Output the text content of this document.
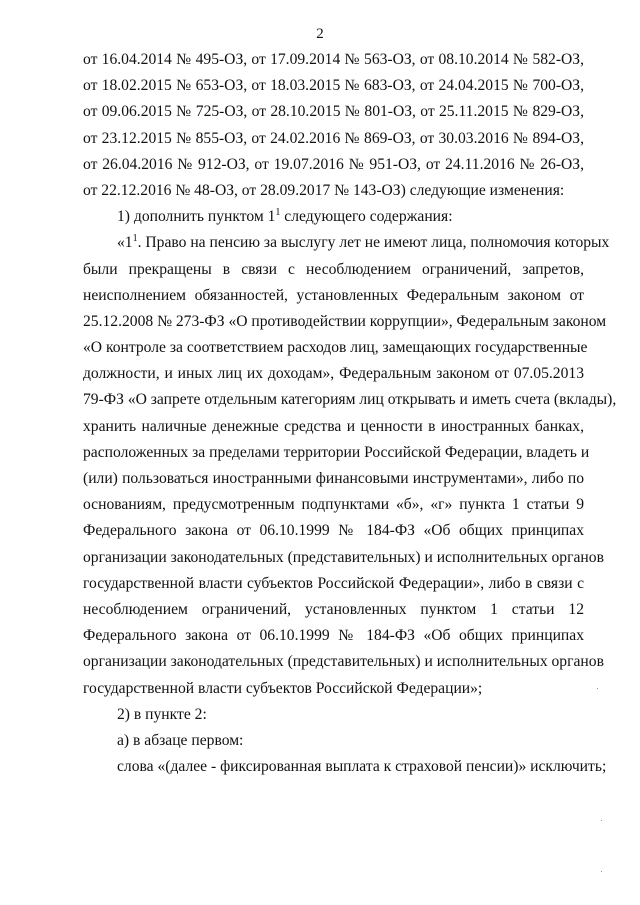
2
от 16.04.2014 № 495-ОЗ, от 17.09.2014 № 563-ОЗ, от 08.10.2014 № 582-ОЗ,
от 18.02.2015 № 653-ОЗ, от 18.03.2015 № 683-ОЗ, от 24.04.2015 № 700-ОЗ,
от 09.06.2015 № 725-ОЗ, от 28.10.2015 № 801-ОЗ, от 25.11.2015 № 829-ОЗ,
от 23.12.2015 № 855-ОЗ, от 24.02.2016 № 869-ОЗ, от 30.03.2016 № 894-ОЗ,
от 26.04.2016 № 912-ОЗ, от 19.07.2016 № 951-ОЗ, от 24.11.2016 № 26-ОЗ,
от 22.12.2016 № 48-ОЗ, от 28.09.2017 № 143-ОЗ) следующие изменения:
1) дополнить пунктом $1^1$ следующего содержания:
«$1^1$. Право на пенсию за выслугу лет не имеют лица, полномочия которых
были прекращены в связи с несоблюдением ограничений, запретов,
неисполнением обязанностей, установленных Федеральным законом от
25.12.2008 № 273-ФЗ «О противодействии коррупции», Федеральным законом
«О контроле за соответствием расходов лиц, замещающих государственные
должности, и иных лиц их доходам», Федеральным законом от 07.05.2013
79-ФЗ «О запрете отдельным категориям лиц открывать и иметь счета (вклады),
хранить наличные денежные средства и ценности в иностранных банках,
расположенных за пределами территории Российской Федерации, владеть и
(или) пользоваться иностранными финансовыми инструментами», либо по
основаниям, предусмотренным подпунктами «б», «г» пункта 1 статьи 9
Федерального закона от 06.10.1999 № 184-ФЗ «Об общих принципах
организации законодательных (представительных) и исполнительных органов
государственной власти субъектов Российской Федерации», либо в связи с
несоблюдением ограничений, установленных пунктом 1 статьи 12
Федерального закона от 06.10.1999 № 184-ФЗ «Об общих принципах
организации законодательных (представительных) и исполнительных органов
государственной власти субъектов Российской Федерации»;
2) в пункте 2:
а) в абзаце первом:
слова «(далее - фиксированная выплата к страховой пенсии)» исключить;
·
·
·
